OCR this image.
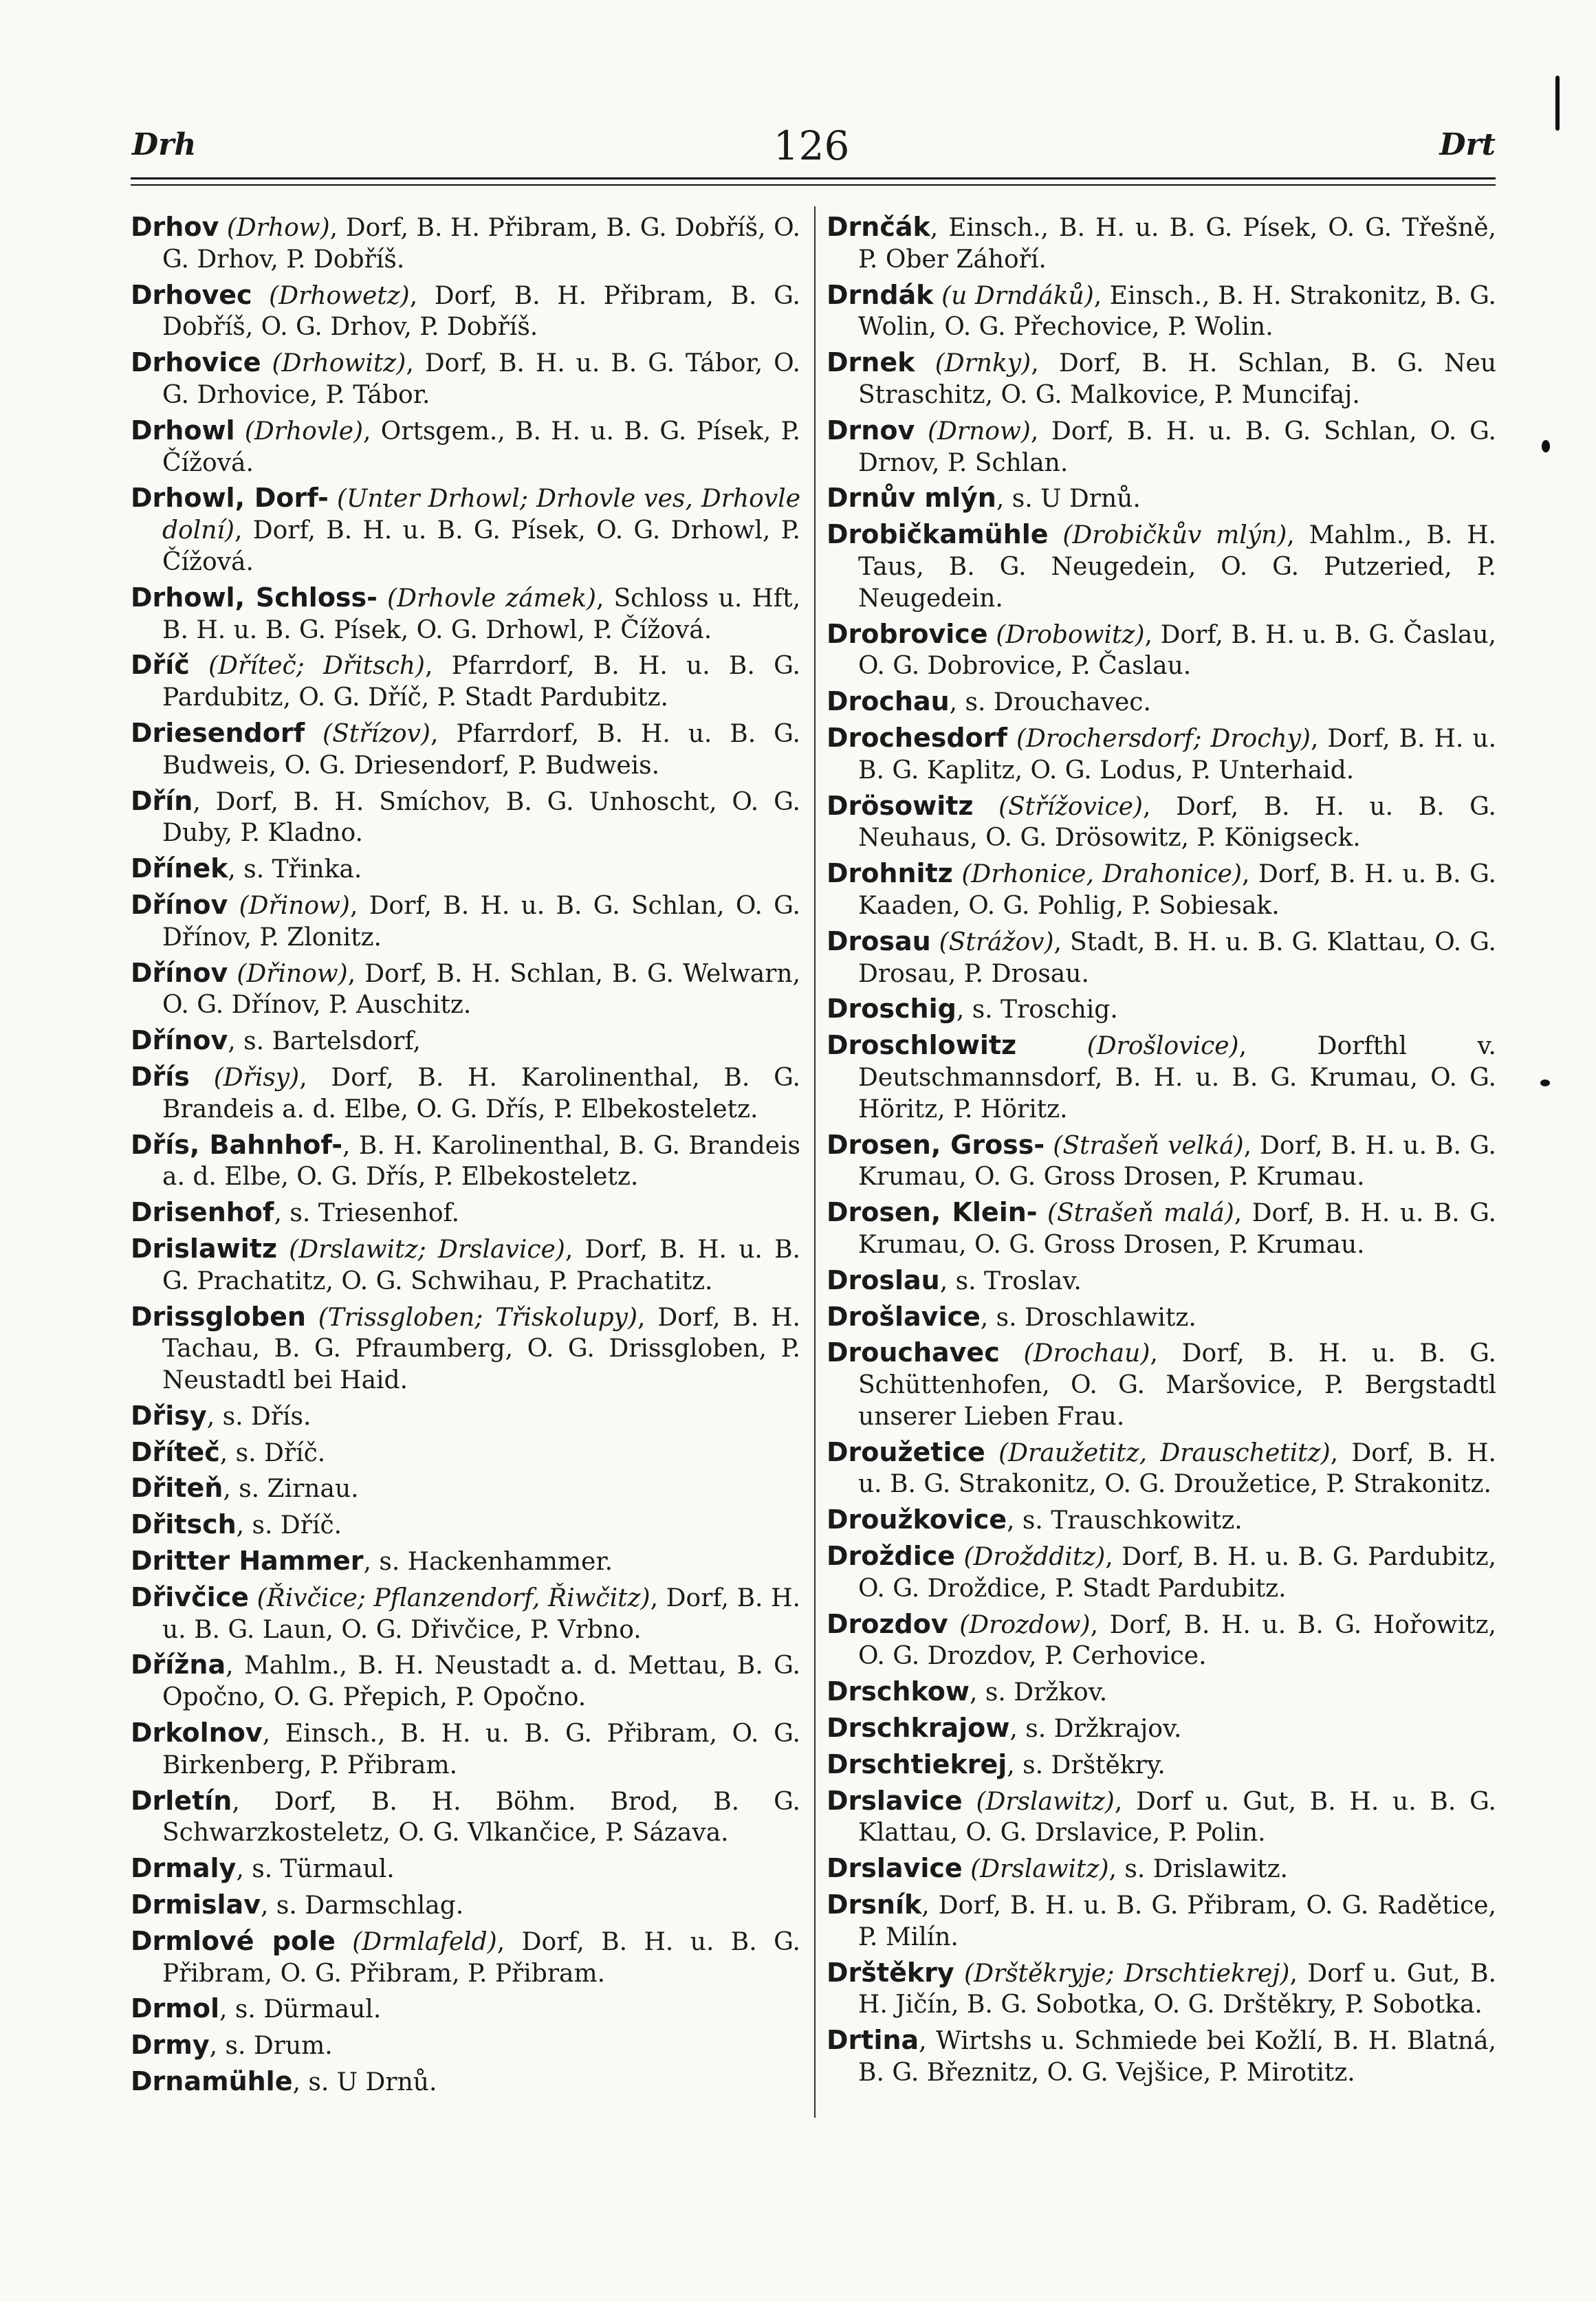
Drh	126	Drt

Drhov (Drhow), Dorf, B. H. Přibram, B. G. Dobříš, O. G. Drhov, P. Dobříš.

Drhovec (Drhowetz), Dorf, B. H. Přibram, B. G. Dobříš, O. G. Drhov, P. Dobříš.

Drhovice (Drhowitz), Dorf, B. H. u. B. G. Tábor, O. G. Drhovice, P. Tábor.

Drhowl (Drhovle), Ortsgem., B. H. u. B. G. Písek, P. Čížová.

Drhowl, Dorf- (Unter Drhowl; Drhovle ves, Drhovle dolní), Dorf, B. H. u. B. G. Písek, O. G. Drhowl, P. Čížová.

Drhowl, Schloss- (Drhovle zámek), Schloss u. Hft, B. H. u. B. G. Písek, O. G. Drhowl, P. Čížová.

Dříč (Dříteč; Dřitsch), Pfarrdorf, B. H. u. B. G. Pardubitz, O. G. Dříč, P. Stadt Pardubitz.

Driesendorf (Střízov), Pfarrdorf, B. H. u. B. G. Budweis, O. G. Driesendorf, P. Budweis.

Dřín, Dorf, B. H. Smíchov, B. G. Unhoscht, O. G. Duby, P. Kladno.

Dřínek, s. Třinka.

Dřínov (Dřinow), Dorf, B. H. u. B. G. Schlan, O. G. Dřínov, P. Zlonitz.

Dřínov (Dřinow), Dorf, B. H. Schlan, B. G. Welwarn, O. G. Dřínov, P. Auschitz.

Dřínov, s. Bartelsdorf,

Dřís (Dřisy), Dorf, B. H. Karolinenthal, B. G. Brandeis a. d. Elbe, O. G. Dřís, P. Elbekosteletz.

Dřís, Bahnhof-, B. H. Karolinenthal, B. G. Brandeis a. d. Elbe, O. G. Dřís, P. Elbekosteletz.

Drisenhof, s. Triesenhof.

Drislawitz (Drslawitz; Drslavice), Dorf, B. H. u. B. G. Prachatitz, O. G. Schwihau, P. Prachatitz.

Drissgloben (Trissgloben; Třiskolupy), Dorf, B. H. Tachau, B. G. Pfraumberg, O. G. Drissgloben, P. Neustadtl bei Haid.

Dřisy, s. Dřís.

Dříteč, s. Dříč.

Dřiteň, s. Zirnau.

Dřitsch, s. Dříč.

Dritter Hammer, s. Hackenhammer.

Dřivčice (Řivčice; Pflanzendorf, Řiwčitz), Dorf, B. H. u. B. G. Laun, O. G. Dřivčice, P. Vrbno.

Dřížna, Mahlm., B. H. Neustadt a. d. Mettau, B. G. Opočno, O. G. Přepich, P. Opočno.

Drkolnov, Einsch., B. H. u. B. G. Přibram, O. G. Birkenberg, P. Přibram.

Drletín, Dorf, B. H. Böhm. Brod, B. G. Schwarzkosteletz, O. G. Vlkančice, P. Sázava.

Drmaly, s. Türmaul.

Drmislav, s. Darmschlag.

Drmlové pole (Drmlafeld), Dorf, B. H. u. B. G. Přibram, O. G. Přibram, P. Přibram.

Drmol, s. Dürmaul.

Drmy, s. Drum.

Drnamühle, s. U Drnů.

Drnčák, Einsch., B. H. u. B. G. Písek, O. G. Třešně, P. Ober Záhoří.

Drndák (u Drndáků), Einsch., B. H. Strakonitz, B. G. Wolin, O. G. Přechovice, P. Wolin.

Drnek (Drnky), Dorf, B. H. Schlan, B. G. Neu Straschitz, O. G. Malkovice, P. Muncifaj.

Drnov (Drnow), Dorf, B. H. u. B. G. Schlan, O. G. Drnov, P. Schlan.

Drnův mlýn, s. U Drnů.

Drobičkamühle (Drobičkův mlýn), Mahlm., B. H. Taus, B. G. Neugedein, O. G. Putzeried, P. Neugedein.

Drobrovice (Drobowitz), Dorf, B. H. u. B. G. Časlau, O. G. Dobrovice, P. Časlau.

Drochau, s. Drouchavec.

Drochesdorf (Drochersdorf; Drochy), Dorf, B. H. u. B. G. Kaplitz, O. G. Lodus, P. Unterhaid.

Drösowitz (Střížovice), Dorf, B. H. u. B. G. Neuhaus, O. G. Drösowitz, P. Königseck.

Drohnitz (Drhonice, Drahonice), Dorf, B. H. u. B. G. Kaaden, O. G. Pohlig, P. Sobiesak.

Drosau (Strážov), Stadt, B. H. u. B. G. Klattau, O. G. Drosau, P. Drosau.

Droschig, s. Troschig.

Droschlowitz	(Drošlovice), Dorfthl v. Deutschmannsdorf, B. H. u. B. G. Krumau, O. G. Höritz, P. Höritz.

Drosen, Gross- (Strašeň velká), Dorf, B. H. u. B. G. Krumau, O. G. Gross Drosen, P. Krumau.

Drosen, Klein- (Strašeň malá), Dorf, B. H. u. B. G. Krumau, O. G. Gross Drosen, P. Krumau.

Droslau, s. Troslav.

Drošlavice, s. Droschlawitz.

Drouchavec (Drochau), Dorf, B. H. u. B. G. Schüttenhofen, O. G. Maršovice, P. Bergstadtl unserer Lieben Frau.

Droužetice (Draužetitz, Drauschetitz), Dorf, B. H. u. B. G. Strakonitz, O. G. Droužetice, P. Strakonitz.

Droužkovice, s. Trauschkowitz.

Droždice (Droždditz), Dorf, B. H. u. B. G. Pardubitz, O. G. Droždice, P. Stadt Pardubitz.

Drozdov (Drozdow), Dorf, B. H. u. B. G. Hořowitz, O. G. Drozdov, P. Cerhovice.

Drschkow, s. Držkov.

Drschkrajow, s. Držkrajov.

Drschtiekrej, s. Drštěkry.

Drslavice (Drslawitz), Dorf u. Gut, B. H. u. B. G. Klattau, O. G. Drslavice, P. Polin.

Drslavice (Drslawitz), s. Drislawitz.

Drsník, Dorf, B. H. u. B. G. Přibram, O. G. Radětice, P. Milín.

Drštěkry (Drštěkryje; Drschtiekrej), Dorf u. Gut, B. H. Jičín, B. G. Sobotka, O. G. Drštěkry, P. Sobotka.

Drtina, Wirtshs u. Schmiede bei Kožlí, B. H. Blatná, B. G. Březnitz, O. G. Vejšice, P. Mirotitz.
